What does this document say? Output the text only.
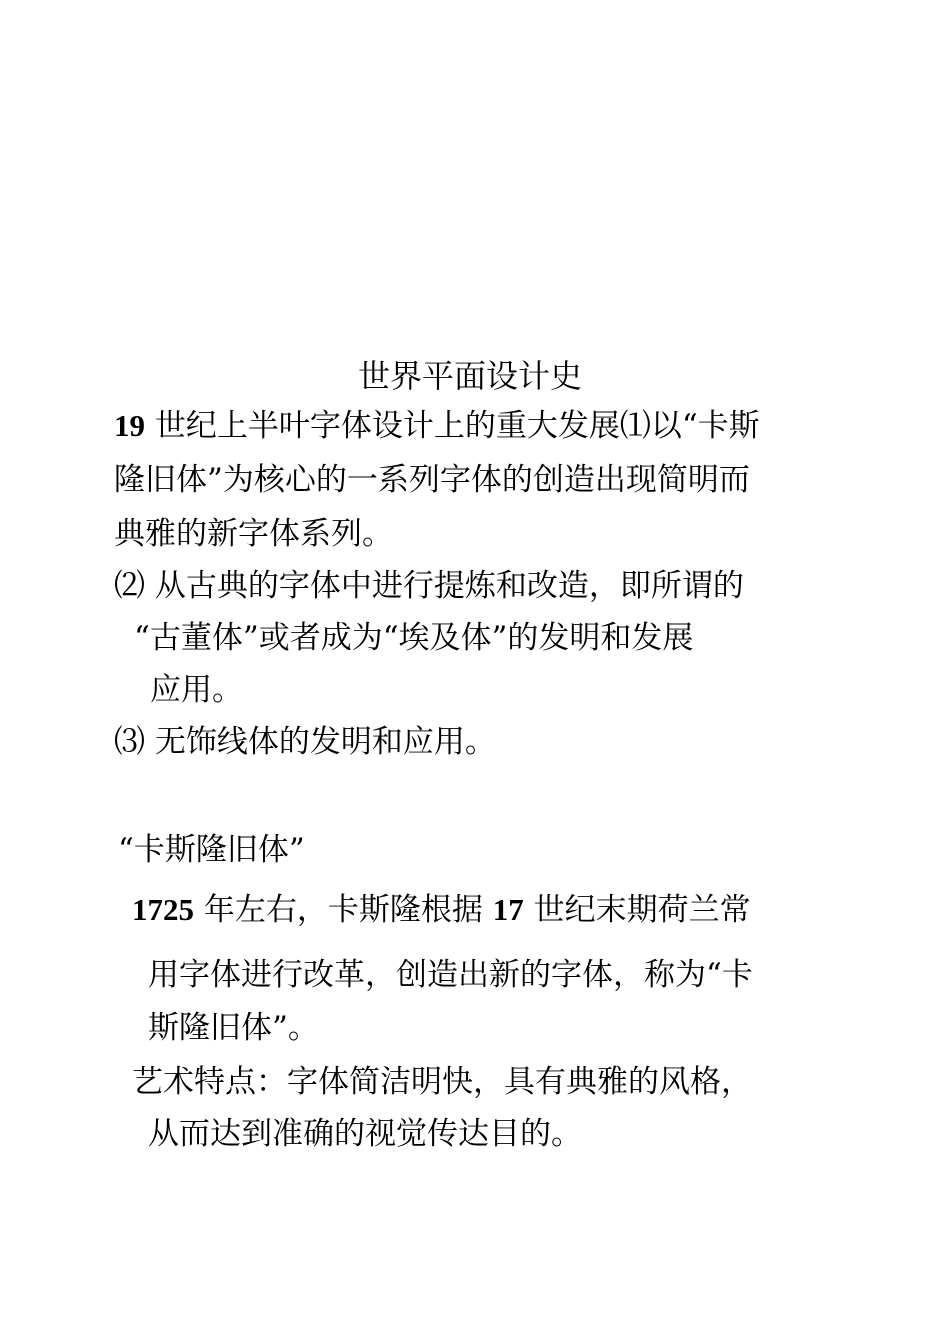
世界平面设计史
19 世纪上半叶字体设计上的重大发展⑴以“卡斯
隆旧体”为核心的一系列字体的创造出现简明而
典雅的新字体系列。
⑵ 从古典的字体中进行提炼和改造，即所谓的
“古董体”或者成为“埃及体”的发明和发展
应用。
⑶ 无饰线体的发明和应用。
“卡斯隆旧体”
1725 年左右，卡斯隆根据 17 世纪末期荷兰常
用字体进行改革，创造出新的字体，称为“卡
斯隆旧体”。
艺术特点：字体简洁明快，具有典雅的风格，
从而达到准确的视觉传达目的。
